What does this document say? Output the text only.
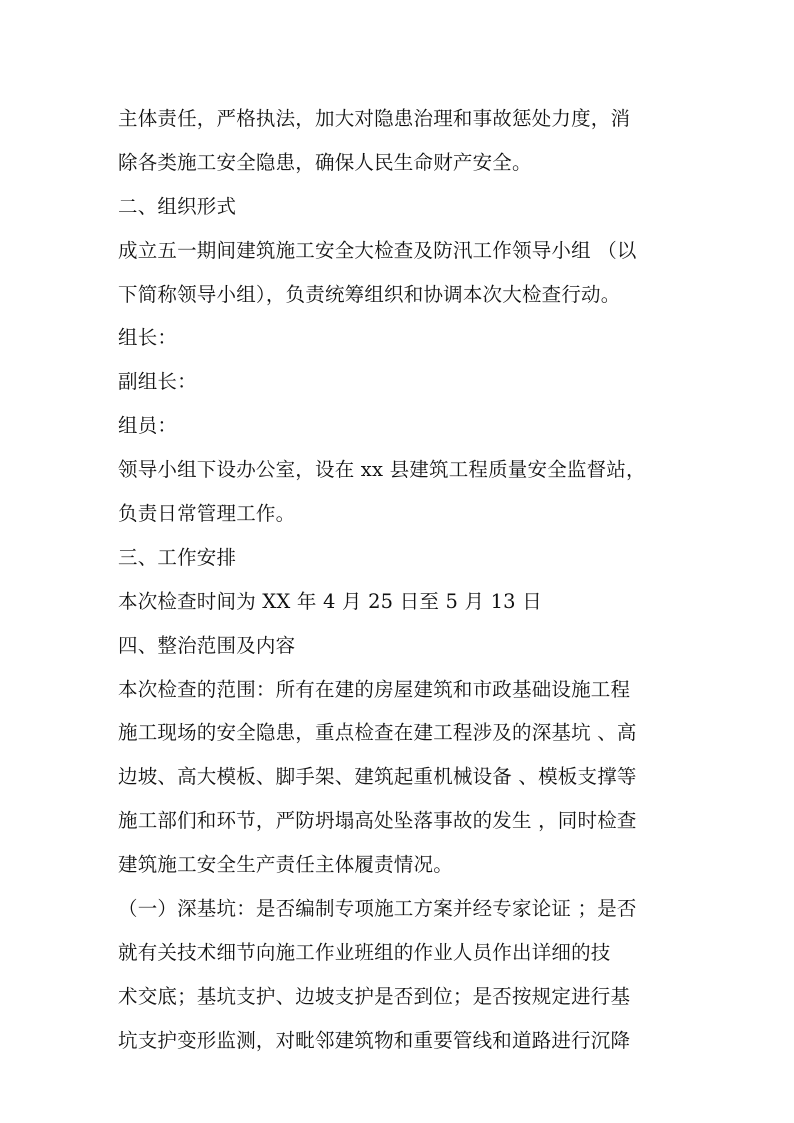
主体责任，严格执法，加大对隐患治理和事故惩处力度，消
除各类施工安全隐患，确保人民生命财产安全。
二、组织形式
成立五一期间建筑施工安全大检查及防汛工作领导小组 （以
下简称领导小组），负责统筹组织和协调本次大检查行动。
组长：
副组长：
组员：
领导小组下设办公室，设在 xx 县建筑工程质量安全监督站，
负责日常管理工作。
三、工作安排
本次检查时间为 XX 年 4 月 25 日至 5 月 13 日
四、整治范围及内容
本次检查的范围：所有在建的房屋建筑和市政基础设施工程
施工现场的安全隐患，重点检查在建工程涉及的深基坑 、高
边坡、高大模板、脚手架、建筑起重机械设备 、模板支撑等
施工部们和环节，严防坍塌高处坠落事故的发生 ，同时检查
建筑施工安全生产责任主体履责情况。
（一）深基坑：是否编制专项施工方案并经专家论证 ；是否
就有关技术细节向施工作业班组的作业人员作出详细的技
术交底；基坑支护、边坡支护是否到位；是否按规定进行基
坑支护变形监测，对毗邻建筑物和重要管线和道路进行沉降
